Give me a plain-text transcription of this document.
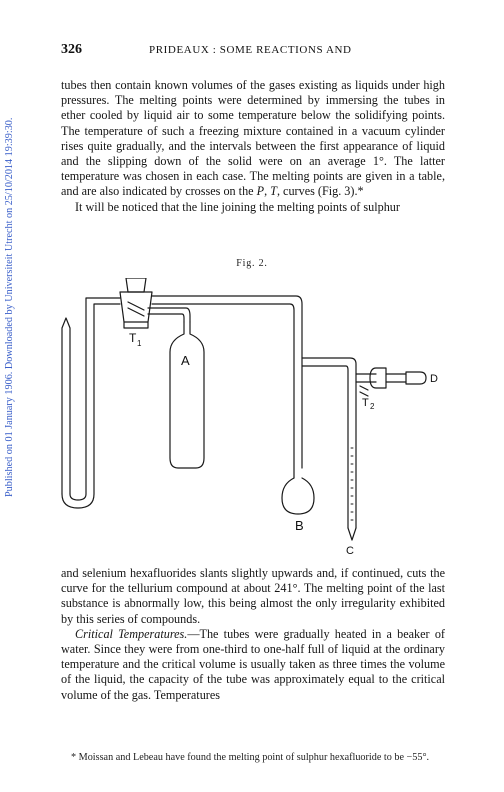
Published on 01 January 1906. Downloaded by Universiteit Utrecht on 25/10/2014 19:39:30.
326	PRIDEAUX : SOME REACTIONS AND

tubes then contain known volumes of the gases existing as liquids under high pressures. The melting points were determined by immersing the tubes in ether cooled by liquid air to some temperature below the solidifying points. The temperature of such a freezing mixture contained in a vacuum cylinder rises quite gradually, and the intervals between the first appearance of liquid and the slipping down of the solid were on an average 1°. The latter temperature was chosen in each case. The melting points are given in a table, and are also indicated by crosses on the P, T, curves (Fig. 3).*

It will be noticed that the line joining the melting points of sulphur

Fig. 2.
T 1
A
D
T 2
B
C

and selenium hexafluorides slants slightly upwards and, if continued, cuts the curve for the tellurium compound at about 241°. The melting point of the last substance is abnormally low, this being almost the only irregularity exhibited by this series of compounds.

Critical Temperatures.—The tubes were gradually heated in a beaker of water. Since they were from one-third to one-half full of liquid at the ordinary temperature and the critical volume is usually taken as three times the volume of the liquid, the capacity of the tube was approximately equal to the critical volume of the gas. Temperatures

* Moissan and Lebeau have found the melting point of sulphur hexafluoride to be −55°.
